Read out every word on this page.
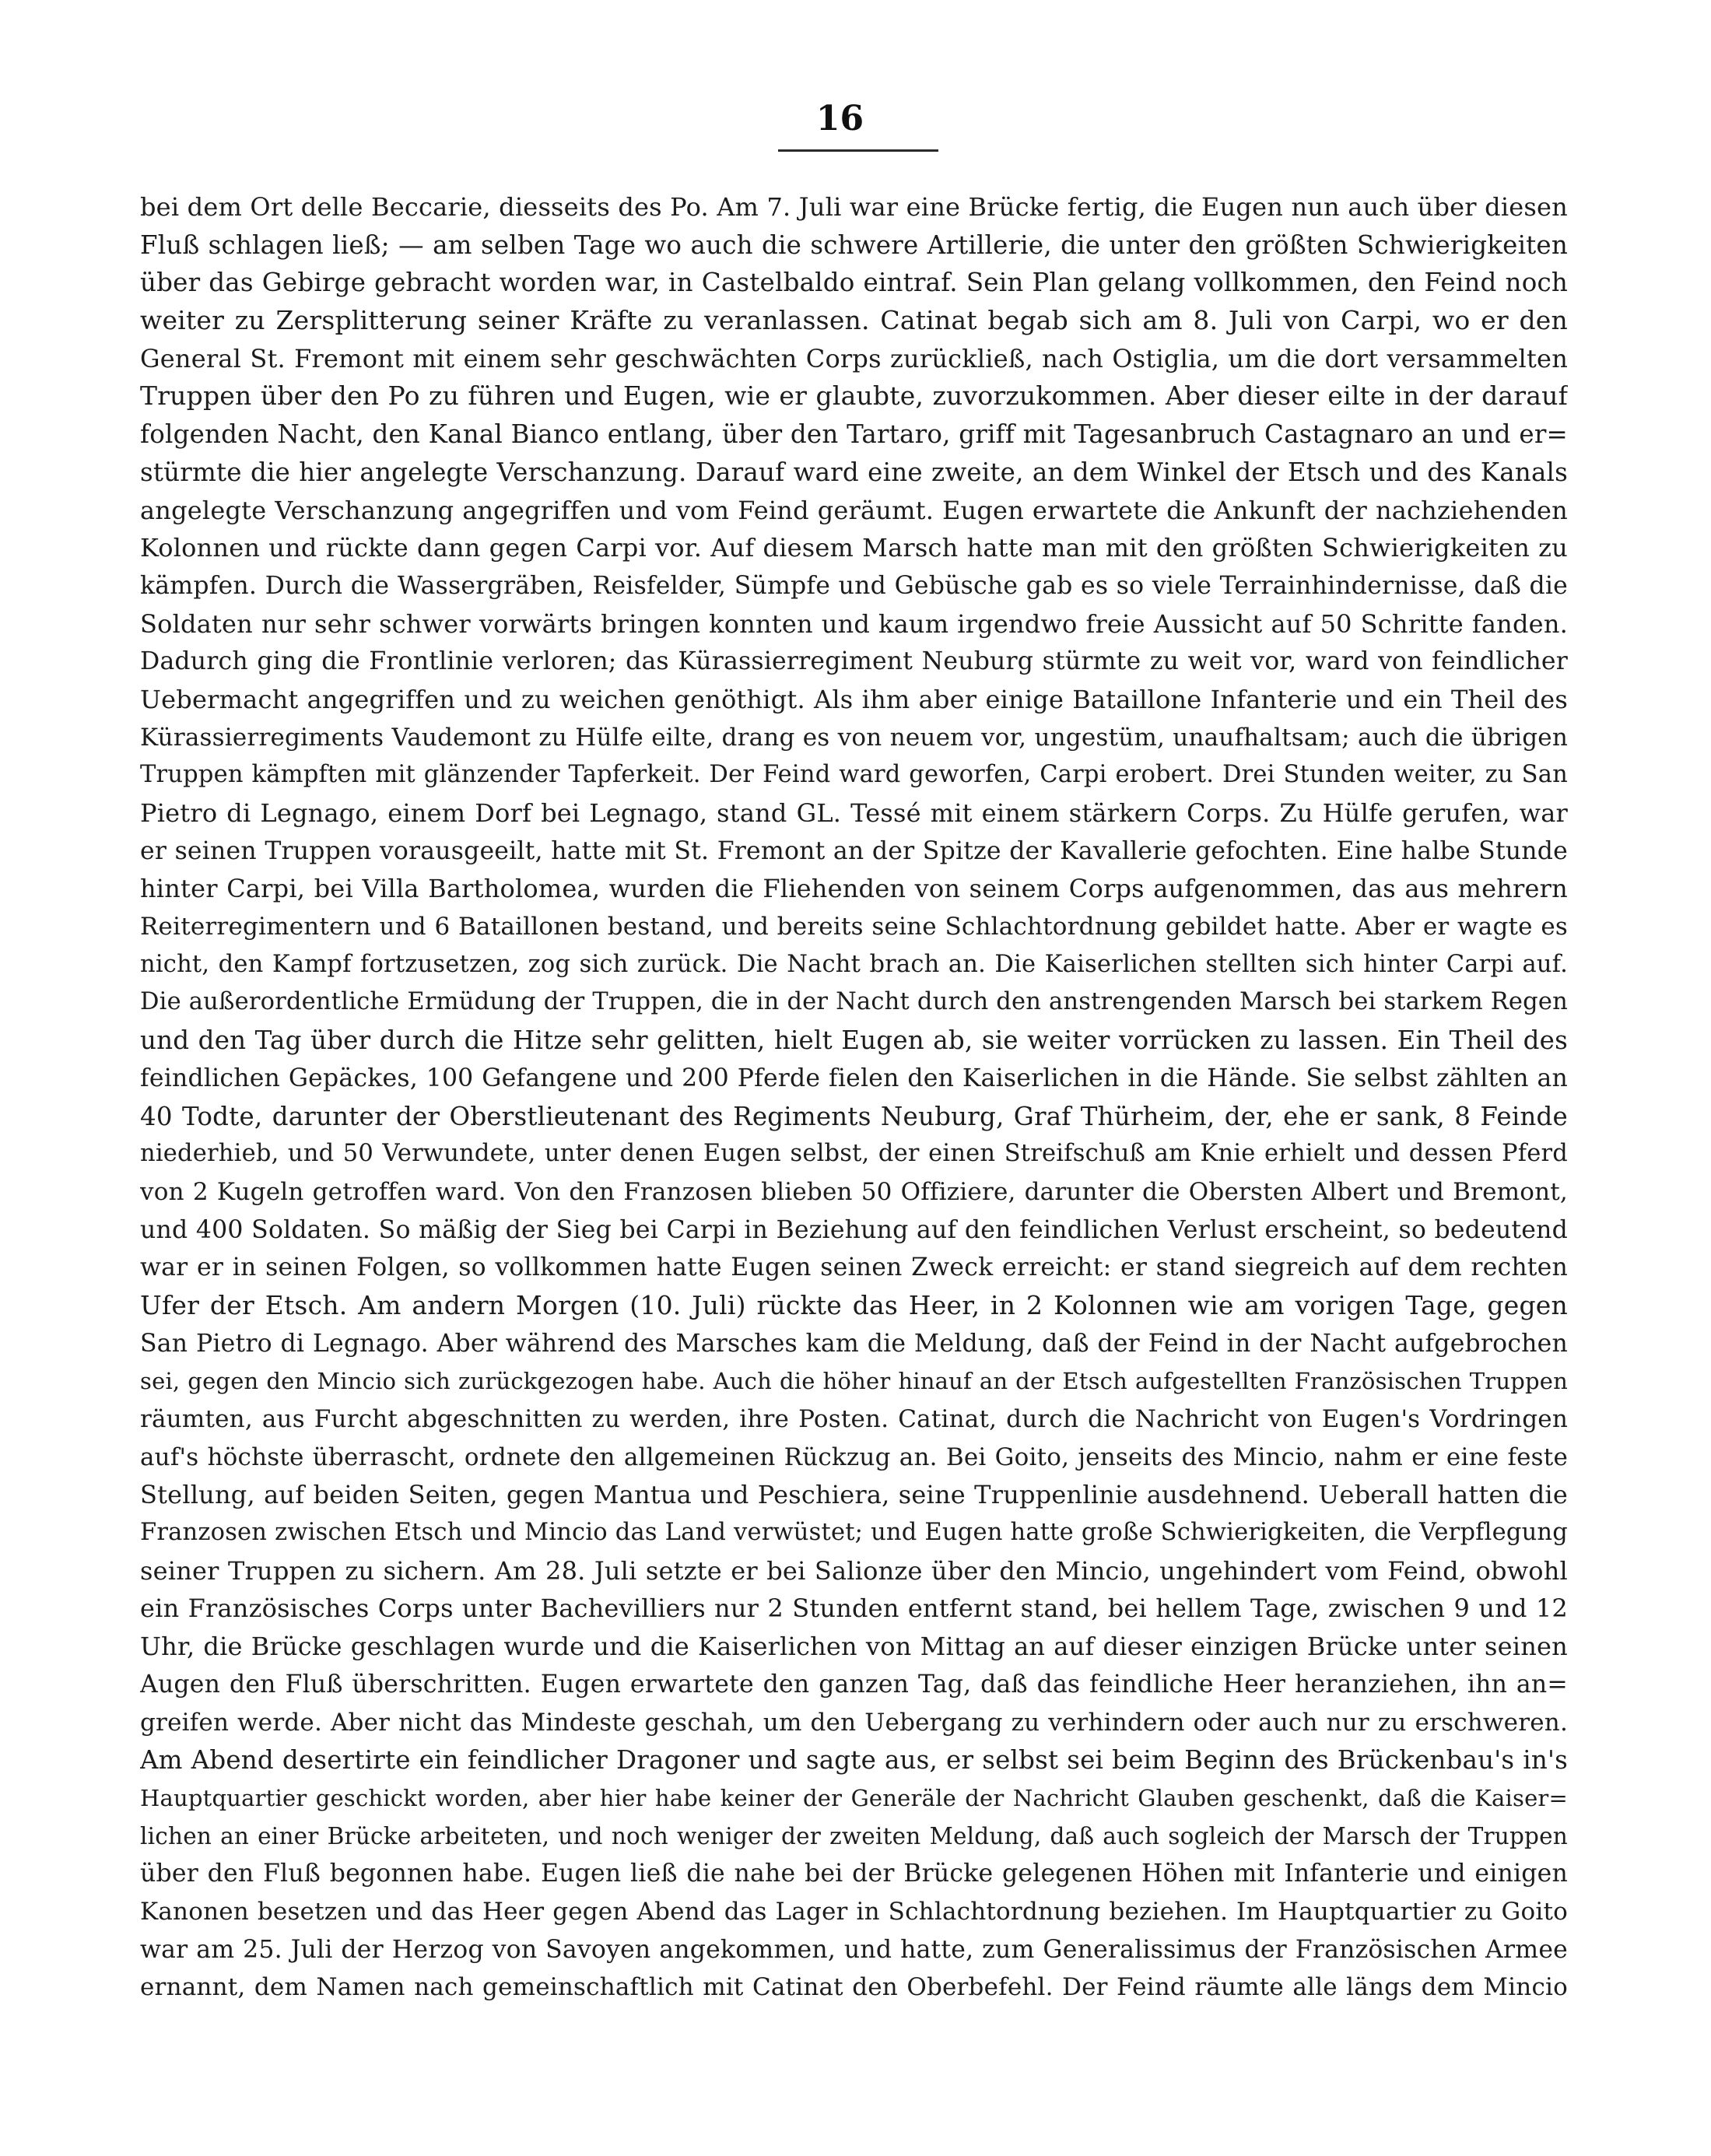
16
bei dem Ort delle Beccarie, diesseits des Po. Am 7. Juli war eine Brücke fertig, die Eugen nun auch über diesen
Fluß schlagen ließ; — am selben Tage wo auch die schwere Artillerie, die unter den größten Schwierigkeiten
über das Gebirge gebracht worden war, in Castelbaldo eintraf. Sein Plan gelang vollkommen, den Feind noch
weiter zu Zersplitterung seiner Kräfte zu veranlassen. Catinat begab sich am 8. Juli von Carpi, wo er den
General St. Fremont mit einem sehr geschwächten Corps zurückließ, nach Ostiglia, um die dort versammelten
Truppen über den Po zu führen und Eugen, wie er glaubte, zuvorzukommen. Aber dieser eilte in der darauf
folgenden Nacht, den Kanal Bianco entlang, über den Tartaro, griff mit Tagesanbruch Castagnaro an und er=
stürmte die hier angelegte Verschanzung. Darauf ward eine zweite, an dem Winkel der Etsch und des Kanals
angelegte Verschanzung angegriffen und vom Feind geräumt. Eugen erwartete die Ankunft der nachziehenden
Kolonnen und rückte dann gegen Carpi vor. Auf diesem Marsch hatte man mit den größten Schwierigkeiten zu
kämpfen. Durch die Wassergräben, Reisfelder, Sümpfe und Gebüsche gab es so viele Terrainhindernisse, daß die
Soldaten nur sehr schwer vorwärts bringen konnten und kaum irgendwo freie Aussicht auf 50 Schritte fanden.
Dadurch ging die Frontlinie verloren; das Kürassierregiment Neuburg stürmte zu weit vor, ward von feindlicher
Uebermacht angegriffen und zu weichen genöthigt. Als ihm aber einige Bataillone Infanterie und ein Theil des
Kürassierregiments Vaudemont zu Hülfe eilte, drang es von neuem vor, ungestüm, unaufhaltsam; auch die übrigen
Truppen kämpften mit glänzender Tapferkeit. Der Feind ward geworfen, Carpi erobert. Drei Stunden weiter, zu San
Pietro di Legnago, einem Dorf bei Legnago, stand GL. Tessé mit einem stärkern Corps. Zu Hülfe gerufen, war
er seinen Truppen vorausgeeilt, hatte mit St. Fremont an der Spitze der Kavallerie gefochten. Eine halbe Stunde
hinter Carpi, bei Villa Bartholomea, wurden die Fliehenden von seinem Corps aufgenommen, das aus mehrern
Reiterregimentern und 6 Bataillonen bestand, und bereits seine Schlachtordnung gebildet hatte. Aber er wagte es
nicht, den Kampf fortzusetzen, zog sich zurück. Die Nacht brach an. Die Kaiserlichen stellten sich hinter Carpi auf.
Die außerordentliche Ermüdung der Truppen, die in der Nacht durch den anstrengenden Marsch bei starkem Regen
und den Tag über durch die Hitze sehr gelitten, hielt Eugen ab, sie weiter vorrücken zu lassen. Ein Theil des
feindlichen Gepäckes, 100 Gefangene und 200 Pferde fielen den Kaiserlichen in die Hände. Sie selbst zählten an
40 Todte, darunter der Oberstlieutenant des Regiments Neuburg, Graf Thürheim, der, ehe er sank, 8 Feinde
niederhieb, und 50 Verwundete, unter denen Eugen selbst, der einen Streifschuß am Knie erhielt und dessen Pferd
von 2 Kugeln getroffen ward. Von den Franzosen blieben 50 Offiziere, darunter die Obersten Albert und Bremont,
und 400 Soldaten. So mäßig der Sieg bei Carpi in Beziehung auf den feindlichen Verlust erscheint, so bedeutend
war er in seinen Folgen, so vollkommen hatte Eugen seinen Zweck erreicht: er stand siegreich auf dem rechten
Ufer der Etsch. Am andern Morgen (10. Juli) rückte das Heer, in 2 Kolonnen wie am vorigen Tage, gegen
San Pietro di Legnago. Aber während des Marsches kam die Meldung, daß der Feind in der Nacht aufgebrochen
sei, gegen den Mincio sich zurückgezogen habe. Auch die höher hinauf an der Etsch aufgestellten Französischen Truppen
räumten, aus Furcht abgeschnitten zu werden, ihre Posten. Catinat, durch die Nachricht von Eugen's Vordringen
auf's höchste überrascht, ordnete den allgemeinen Rückzug an. Bei Goito, jenseits des Mincio, nahm er eine feste
Stellung, auf beiden Seiten, gegen Mantua und Peschiera, seine Truppenlinie ausdehnend. Ueberall hatten die
Franzosen zwischen Etsch und Mincio das Land verwüstet; und Eugen hatte große Schwierigkeiten, die Verpflegung
seiner Truppen zu sichern. Am 28. Juli setzte er bei Salionze über den Mincio, ungehindert vom Feind, obwohl
ein Französisches Corps unter Bachevilliers nur 2 Stunden entfernt stand, bei hellem Tage, zwischen 9 und 12
Uhr, die Brücke geschlagen wurde und die Kaiserlichen von Mittag an auf dieser einzigen Brücke unter seinen
Augen den Fluß überschritten. Eugen erwartete den ganzen Tag, daß das feindliche Heer heranziehen, ihn an=
greifen werde. Aber nicht das Mindeste geschah, um den Uebergang zu verhindern oder auch nur zu erschweren.
Am Abend desertirte ein feindlicher Dragoner und sagte aus, er selbst sei beim Beginn des Brückenbau's in's
Hauptquartier geschickt worden, aber hier habe keiner der Generäle der Nachricht Glauben geschenkt, daß die Kaiser=
lichen an einer Brücke arbeiteten, und noch weniger der zweiten Meldung, daß auch sogleich der Marsch der Truppen
über den Fluß begonnen habe. Eugen ließ die nahe bei der Brücke gelegenen Höhen mit Infanterie und einigen
Kanonen besetzen und das Heer gegen Abend das Lager in Schlachtordnung beziehen. Im Hauptquartier zu Goito
war am 25. Juli der Herzog von Savoyen angekommen, und hatte, zum Generalissimus der Französischen Armee
ernannt, dem Namen nach gemeinschaftlich mit Catinat den Oberbefehl. Der Feind räumte alle längs dem Mincio
